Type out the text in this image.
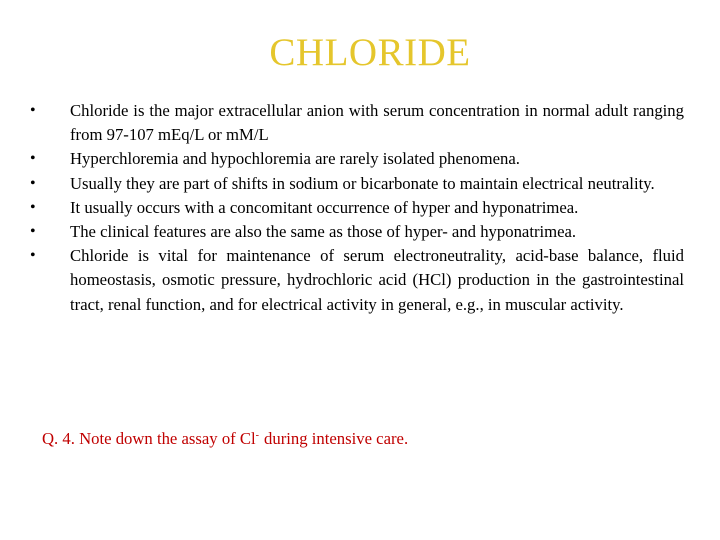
CHLORIDE
• Chloride is the major extracellular anion with serum concentration in normal adult ranging from 97-107 mEq/L or mM/L
• Hyperchloremia and hypochloremia are rarely isolated phenomena.
• Usually they are part of shifts in sodium or bicarbonate to maintain electrical neutrality.
• It usually occurs with a concomitant occurrence of hyper and hyponatrimea.
• The clinical features are also the same as those of hyper- and hyponatrimea.
• Chloride is vital for maintenance of serum electroneutrality, acid-base balance, fluid homeostasis, osmotic pressure, hydrochloric acid (HCl) production in the gastrointestinal tract, renal function, and for electrical activity in general, e.g., in muscular activity.
Q. 4. Note down the assay of Cl- during intensive care.
